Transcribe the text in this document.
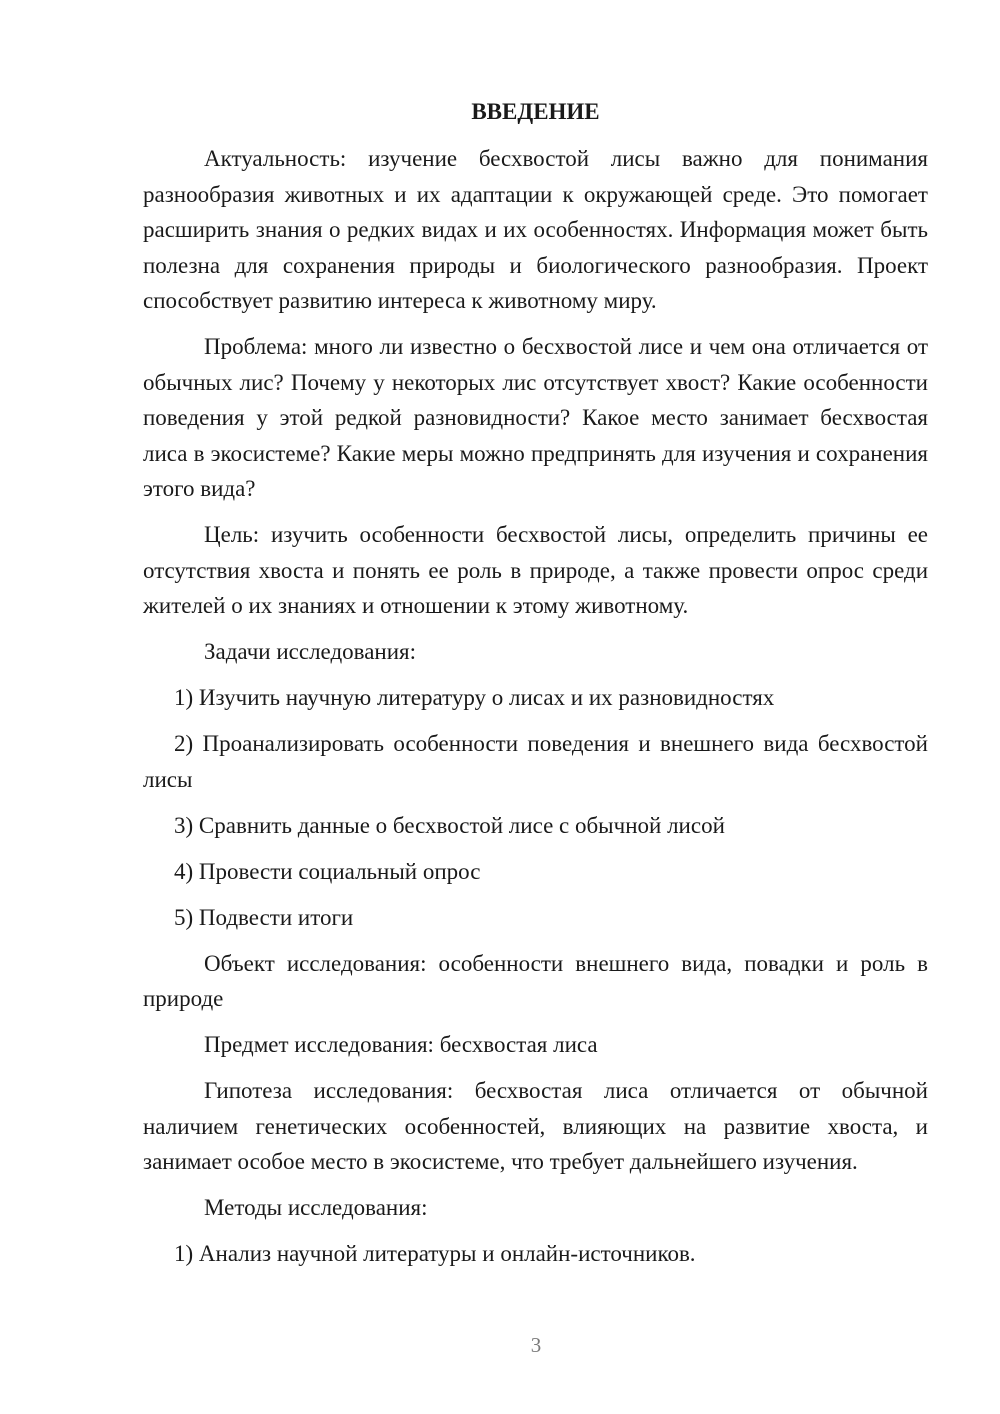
ВВЕДЕНИЕ
Актуальность: изучение бесхвостой лисы важно для понимания разнообразия животных и их адаптации к окружающей среде. Это помогает расширить знания о редких видах и их особенностях. Информация может быть полезна для сохранения природы и биологического разнообразия. Проект способствует развитию интереса к животному миру.
Проблема: много ли известно о бесхвостой лисе и чем она отличается от обычных лис? Почему у некоторых лис отсутствует хвост? Какие особенности поведения у этой редкой разновидности? Какое место занимает бесхвостая лиса в экосистеме? Какие меры можно предпринять для изучения и сохранения этого вида?
Цель: изучить особенности бесхвостой лисы, определить причины ее отсутствия хвоста и понять ее роль в природе, а также провести опрос среди жителей о их знаниях и отношении к этому животному.
Задачи исследования:
1) Изучить научную литературу о лисах и их разновидностях
2) Проанализировать особенности поведения и внешнего вида бесхвостой лисы
3) Сравнить данные о бесхвостой лисе с обычной лисой
4) Провести социальный опрос
5) Подвести итоги
Объект исследования: особенности внешнего вида, повадки и роль в природе
Предмет исследования: бесхвостая лиса
Гипотеза исследования: бесхвостая лиса отличается от обычной наличием генетических особенностей, влияющих на развитие хвоста, и занимает особое место в экосистеме, что требует дальнейшего изучения.
Методы исследования:
1) Анализ научной литературы и онлайн-источников.
3
